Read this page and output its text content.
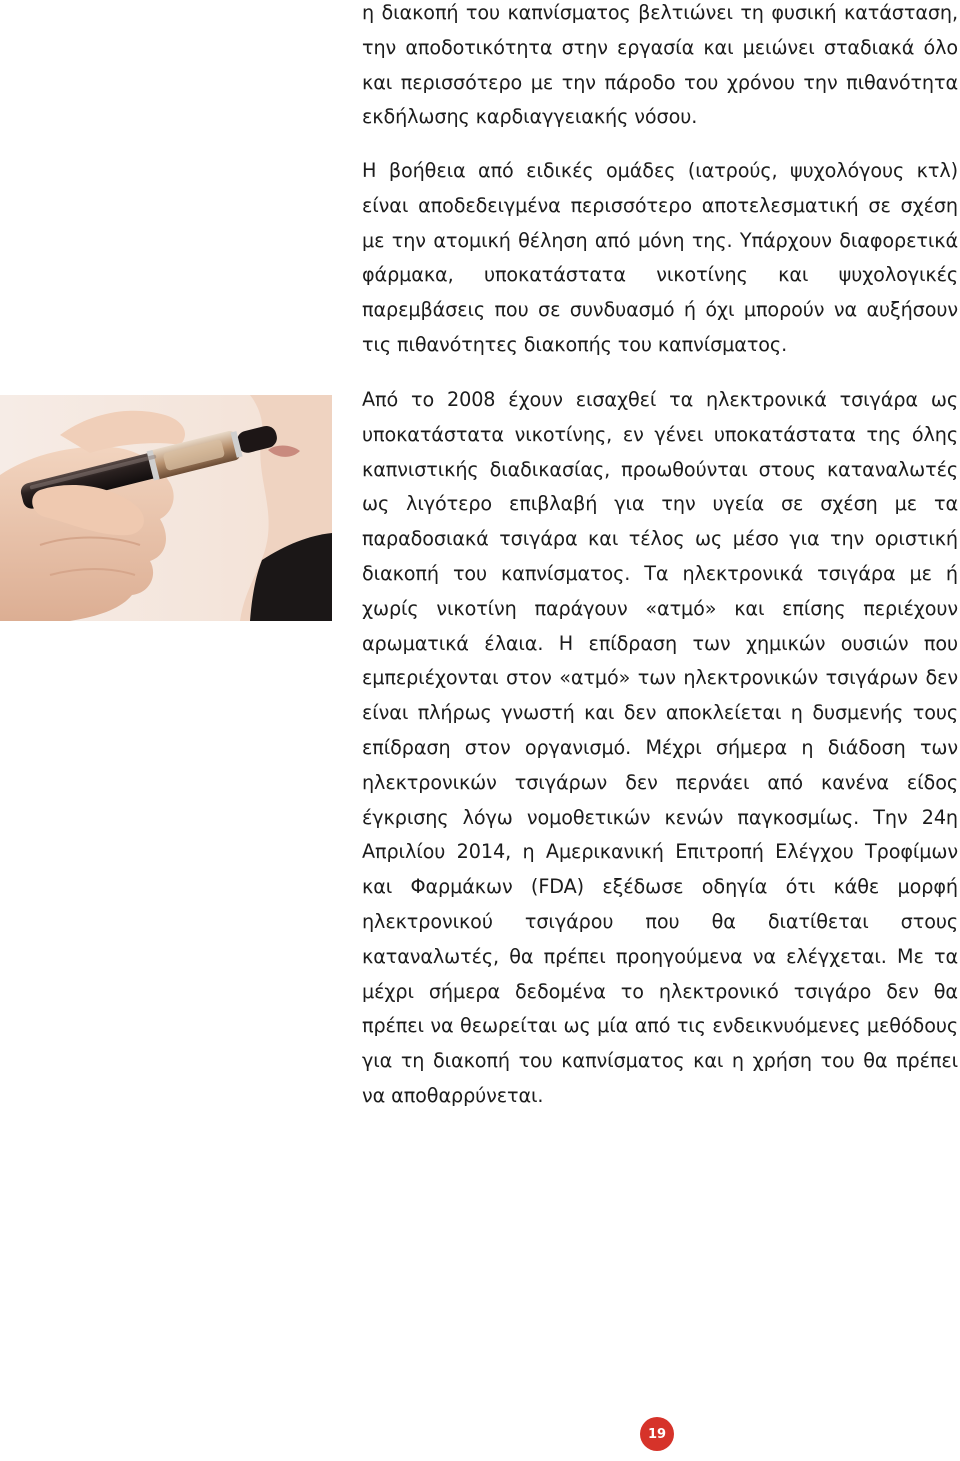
η διακοπή του καπνίσματος βελτιώνει τη φυσική κατάσταση, την αποδοτικότητα στην εργασία και μειώνει σταδιακά όλο και περισσότερο με την πάροδο του χρόνου την πιθανότητα εκδήλωσης καρδιαγγειακής νόσου.

Η βοήθεια από ειδικές ομάδες (ιατρούς, ψυχολόγους κτλ) είναι αποδεδειγμένα περισσότερο αποτελεσματική σε σχέση με την ατομική θέληση από μόνη της. Υπάρχουν διαφορετικά φάρμακα, υποκατάστατα νικοτίνης και ψυχολογικές παρεμβάσεις που σε συνδυασμό ή όχι μπορούν να αυξήσουν τις πιθανότητες διακοπής του καπνίσματος.

Από το 2008 έχουν εισαχθεί τα ηλεκτρονικά τσιγάρα ως υποκατάστατα νικοτίνης, εν γένει υποκατάστατα της όλης καπνιστικής διαδικασίας, προωθούνται στους καταναλωτές ως λιγότερο επιβλαβή για την υγεία σε σχέση με τα παραδοσιακά τσιγάρα και τέλος ως μέσο για την οριστική διακοπή του καπνίσματος. Τα ηλεκτρονικά τσιγάρα με ή χωρίς νικοτίνη παράγουν «ατμό» και επίσης περιέχουν αρωματικά έλαια. Η επίδραση των χημικών ουσιών που εμπεριέχονται στον «ατμό» των ηλεκτρονικών τσιγάρων δεν είναι πλήρως γνωστή και δεν αποκλείεται η δυσμενής τους επίδραση στον οργανισμό. Μέχρι σήμερα η διάδοση των ηλεκτρονικών τσιγάρων δεν περνάει από κανένα είδος έγκρισης λόγω νομοθετικών κενών παγκοσμίως. Την 24η Απριλίου 2014, η Αμερικανική Επιτροπή Ελέγχου Τροφίμων και Φαρμάκων (FDA) εξέδωσε οδηγία ότι κάθε μορφή ηλεκτρονικού τσιγάρου που θα διατίθεται στους καταναλωτές, θα πρέπει προηγούμενα να ελέγχεται. Με τα μέχρι σήμερα δεδομένα το ηλεκτρονικό τσιγάρο δεν θα πρέπει να θεωρείται ως μία από τις ενδεικνυόμενες μεθόδους για τη διακοπή του καπνίσματος και η χρήση του θα πρέπει να αποθαρρύνεται.

19
